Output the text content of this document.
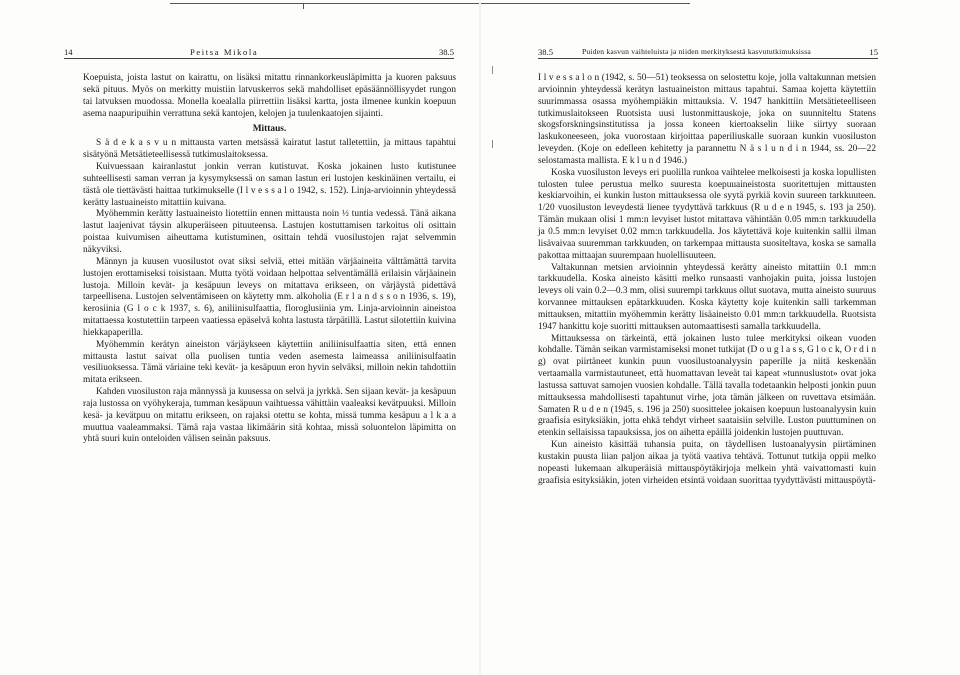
14	Peitsa Mikola	38.5

Koepuista, joista lastut on kairattu, on lisäksi mitattu rinnankorkeusläpimitta ja kuoren paksuus sekä pituus. Myös on merkitty muistiin latvuskerros sekä mahdolliset epäsäännöllisyydet rungon tai latvuksen muodossa. Monella koealalla piirrettiin lisäksi kartta, josta ilmenee kunkin koepuun asema naapuripuihin verrattuna sekä kantojen, kelojen ja tuulenkaatojen sijainti.

Mittaus.

S ä d e k a s v u n mittausta varten metsässä kairatut lastut talletettiin, ja mittaus tapahtui sisätyönä Metsätieteellisessä tutkimuslaitoksessa.

Kuivuessaan kairanlastut jonkin verran kutistuvat. Koska jokainen lusto kutistunee suhteellisesti saman verran ja kysymyksessä on saman lastun eri lustojen keskinäinen vertailu, ei tästä ole tiettävästi haittaa tutkimukselle (I l v e s s a l o 1942, s. 152). Linja-arvioinnin yhteydessä kerätty lastuaineisto mitattiin kuivana.

Myöhemmin kerätty lastuaineisto liotettiin ennen mittausta noin ½ tuntia vedessä. Tänä aikana lastut laajenivat täysin alkuperäiseen pituuteensa. Lastujen kostuttamisen tarkoitus oli osittain poistaa kuivumisen aiheuttama kutistuminen, osittain tehdä vuosilustojen rajat selvemmin näkyviksi.

Männyn ja kuusen vuosilustot ovat siksi selviä, ettei mitään värjäaineita välttämättä tarvita lustojen erottamiseksi toisistaan. Mutta työtä voidaan helpottaa selventämällä erilaisin värjäainein lustoja. Milloin kevät- ja kesäpuun leveys on mitattava erikseen, on värjäystä pidettävä tarpeellisena. Lustojen selventämiseen on käytetty mm. alkoholia (E r l a n d s s o n 1936, s. 19), kerosiinia (G l o c k 1937, s. 6), aniliinisulfaattia, floroglusiinia ym. Linja-arvioinnin aineistoa mitattaessa kostutettiin tarpeen vaatiessa epäselvä kohta lastusta tärpätillä. Lastut silotettiin kuivina hiekkapaperilla.

Myöhemmin kerätyn aineiston värjäykseen käytettiin aniliinisulfaattia siten, että ennen mittausta lastut saivat olla puolisen tuntia veden asemesta laimeassa aniliinisulfaatin vesiliuoksessa. Tämä väriaine teki kevät- ja kesäpuun eron hyvin selväksi, milloin nekin tahdottiin mitata erikseen.

Kahden vuosiluston raja männyssä ja kuusessa on selvä ja jyrkkä. Sen sijaan kevät- ja kesäpuun raja lustossa on vyöhykeraja, tumman kesäpuun vaihtuessa vähittäin vaaleaksi kevätpuuksi. Milloin kesä- ja kevätpuu on mitattu erikseen, on rajaksi otettu se kohta, missä tumma kesäpuu a l k a a muuttua vaaleammaksi. Tämä raja vastaa likimäärin sitä kohtaa, missä soluontelon läpimitta on yhtä suuri kuin onteloiden välisen seinän paksuus.

38.5	Puiden kasvun vaihteluista ja niiden merkityksestä kasvututkimuksissa	15

I l v e s s a l o n (1942, s. 50—51) teoksessa on selostettu koje, jolla valtakunnan metsien arvioinnin yhteydessä kerätyn lastuaineiston mittaus tapahtui. Samaa kojetta käytettiin suurimmassa osassa myöhempiäkin mittauksia. V. 1947 hankittiin Metsätieteelliseen tutkimuslaitokseen Ruotsista uusi lustonmittauskoje, joka on suunniteltu Statens skogsforskningsinstitutissa ja jossa koneen kiertoakselin liike siirtyy suoraan laskukoneeseen, joka vuorostaan kirjoittaa paperiliuskalle suoraan kunkin vuosiluston leveyden. (Koje on edelleen kehitetty ja parannettu N ä s l u n d i n 1944, ss. 20—22 selostamasta mallista. E k l u n d 1946.)

Koska vuosiluston leveys eri puolilla runkoa vaihtelee melkoisesti ja koska lopullisten tulosten tulee perustua melko suuresta koepuuaineistosta suoritettujen mittausten keskiarvoihin, ei kunkin luston mittauksessa ole syytä pyrkiä kovin suureen tarkkuuteen. 1/20 vuosiluston leveydestä lienee tyydyttävä tarkkuus (R u d e n 1945, s. 193 ja 250). Tämän mukaan olisi 1 mm:n levyiset lustot mitattava vähintään 0.05 mm:n tarkkuudella ja 0.5 mm:n levyiset 0.02 mm:n tarkkuudella. Jos käytettävä koje kuitenkin sallii ilman lisävaivaa suuremman tarkkuuden, on tarkempaa mittausta suositeltava, koska se samalla pakottaa mittaajan suurempaan huolellisuuteen.

Valtakunnan metsien arvioinnin yhteydessä kerätty aineisto mitattiin 0.1 mm:n tarkkuudella. Koska aineisto käsitti melko runsaasti vanhojakin puita, joissa lustojen leveys oli vain 0.2—0.3 mm, olisi suurempi tarkkuus ollut suotava, mutta aineisto suuruus korvannee mittauksen epätarkkuuden. Koska käytetty koje kuitenkin salli tarkemman mittauksen, mitattiin myöhemmin kerätty lisäaineisto 0.01 mm:n tarkkuudella. Ruotsista 1947 hankittu koje suoritti mittauksen automaattisesti samalla tarkkuudella.

Mittauksessa on tärkeintä, että jokainen lusto tulee merkityksi oikean vuoden kohdalle. Tämän seikan varmistamiseksi monet tutkijat (D o u g l a s s, G l o c k, O r d i n g) ovat piirtäneet kunkin puun vuosilustoanalyysin paperille ja niitä keskenään vertaamalla varmistautuneet, että huomattavan leveät tai kapeat »tunnuslustot» ovat joka lastussa sattuvat samojen vuosien kohdalle. Tällä tavalla todetaankin helposti jonkin puun mittauksessa mahdollisesti tapahtunut virhe, jota tämän jälkeen on ruvettava etsimään. Samaten R u d e n (1945, s. 196 ja 250) suosittelee jokaisen koepuun lustoanalyysin kuin graafisia esityksiäkin, jotta ehkä tehdyt virheet saataisiin selville. Luston puuttuminen on etenkin sellaisissa tapauksissa, jos on aihetta epäillä joidenkin lustojen puuttuvan.

Kun aineisto käsittää tuhansia puita, on täydellisen lustoanalyysin piirtäminen kustakin puusta liian paljon aikaa ja työtä vaativa tehtävä. Tottunut tutkija oppii melko nopeasti lukemaan alkuperäisiä mittauspöytäkirjoja melkein yhtä vaivattomasti kuin graafisia esityksiäkin, joten virheiden etsintä voidaan suorittaa tyydyttävästi mittauspöytä-
